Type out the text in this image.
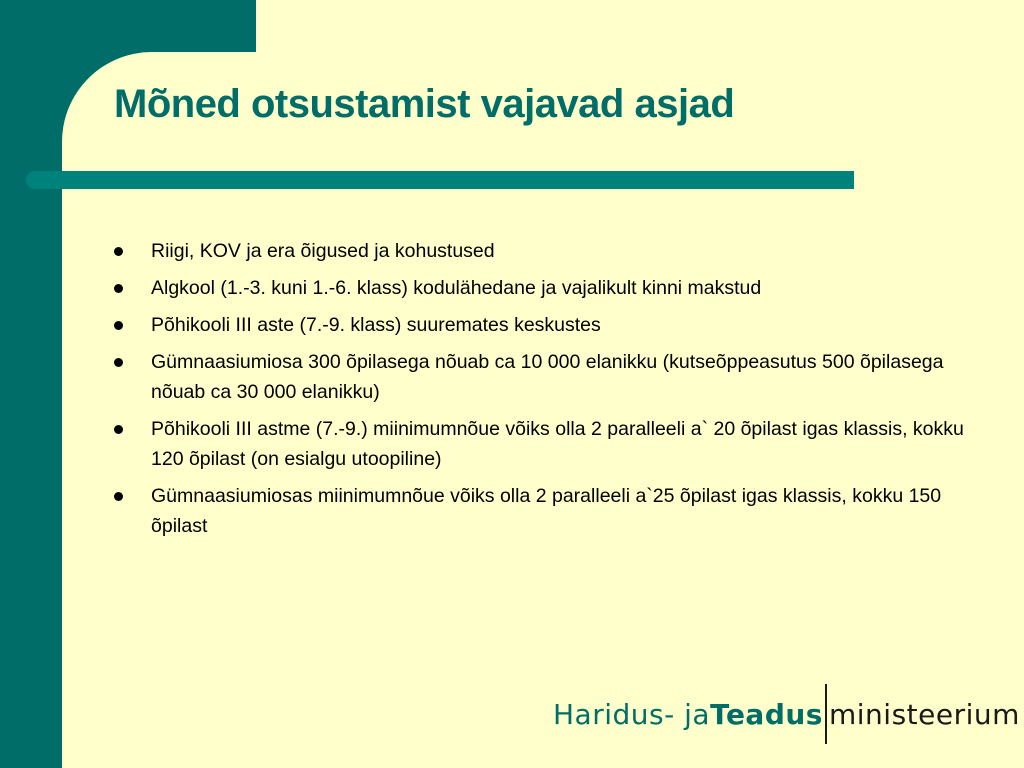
Mõned otsustamist vajavad asjad
Riigi, KOV ja era õigused ja kohustused
Algkool (1.-3. kuni 1.-6. klass) kodulähedane ja vajalikult kinni makstud
Põhikooli III aste (7.-9. klass) suuremates keskustes
Gümnaasiumiosa 300 õpilasega nõuab ca 10 000 elanikku (kutseõppeasutus 500 õpilasega nõuab ca 30 000 elanikku)
Põhikooli III astme (7.-9.) miinimumnõue võiks olla 2 paralleeli a` 20 õpilast igas klassis, kokku 120 õpilast (on esialgu utoopiline)
Gümnaasiumiosas miinimumnõue võiks olla 2 paralleeli a`25 õpilast igas klassis, kokku 150 õpilast
Haridus- ja Teadus ministeerium
